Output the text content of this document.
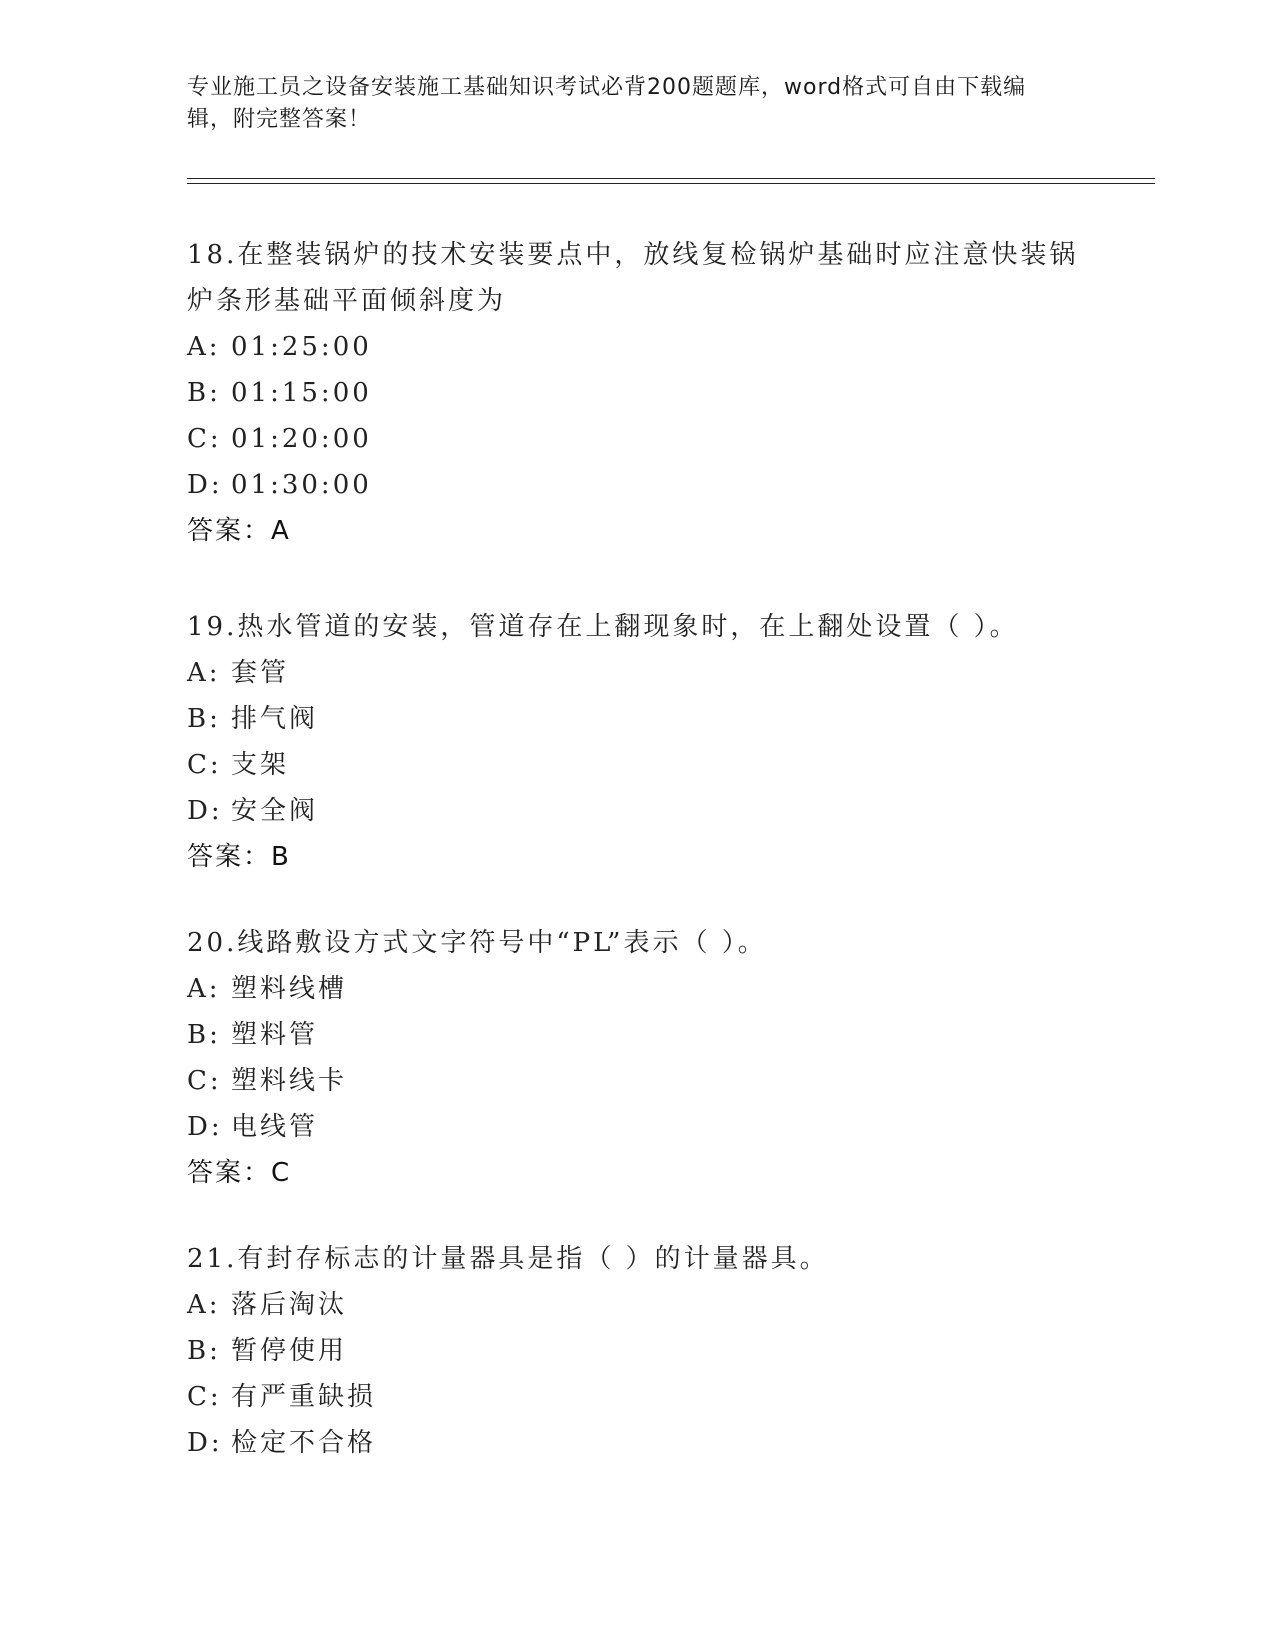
专业施工员之设备安装施工基础知识考试必背200题题库，word格式可自由下载编辑，附完整答案！

18.在整装锅炉的技术安装要点中，放线复检锅炉基础时应注意快装锅炉条形基础平面倾斜度为

A: 01:25:00

B: 01:15:00

C: 01:20:00

D: 01:30:00

答案：A

19.热水管道的安装，管道存在上翻现象时，在上翻处设置（ ）。

A: 套管

B: 排气阀

C: 支架

D: 安全阀

答案：B

20.线路敷设方式文字符号中“PL”表示（ ）。

A: 塑料线槽

B: 塑料管

C: 塑料线卡

D: 电线管

答案：C

21.有封存标志的计量器具是指（ ）的计量器具。

A: 落后淘汰

B: 暂停使用

C: 有严重缺损

D: 检定不合格
